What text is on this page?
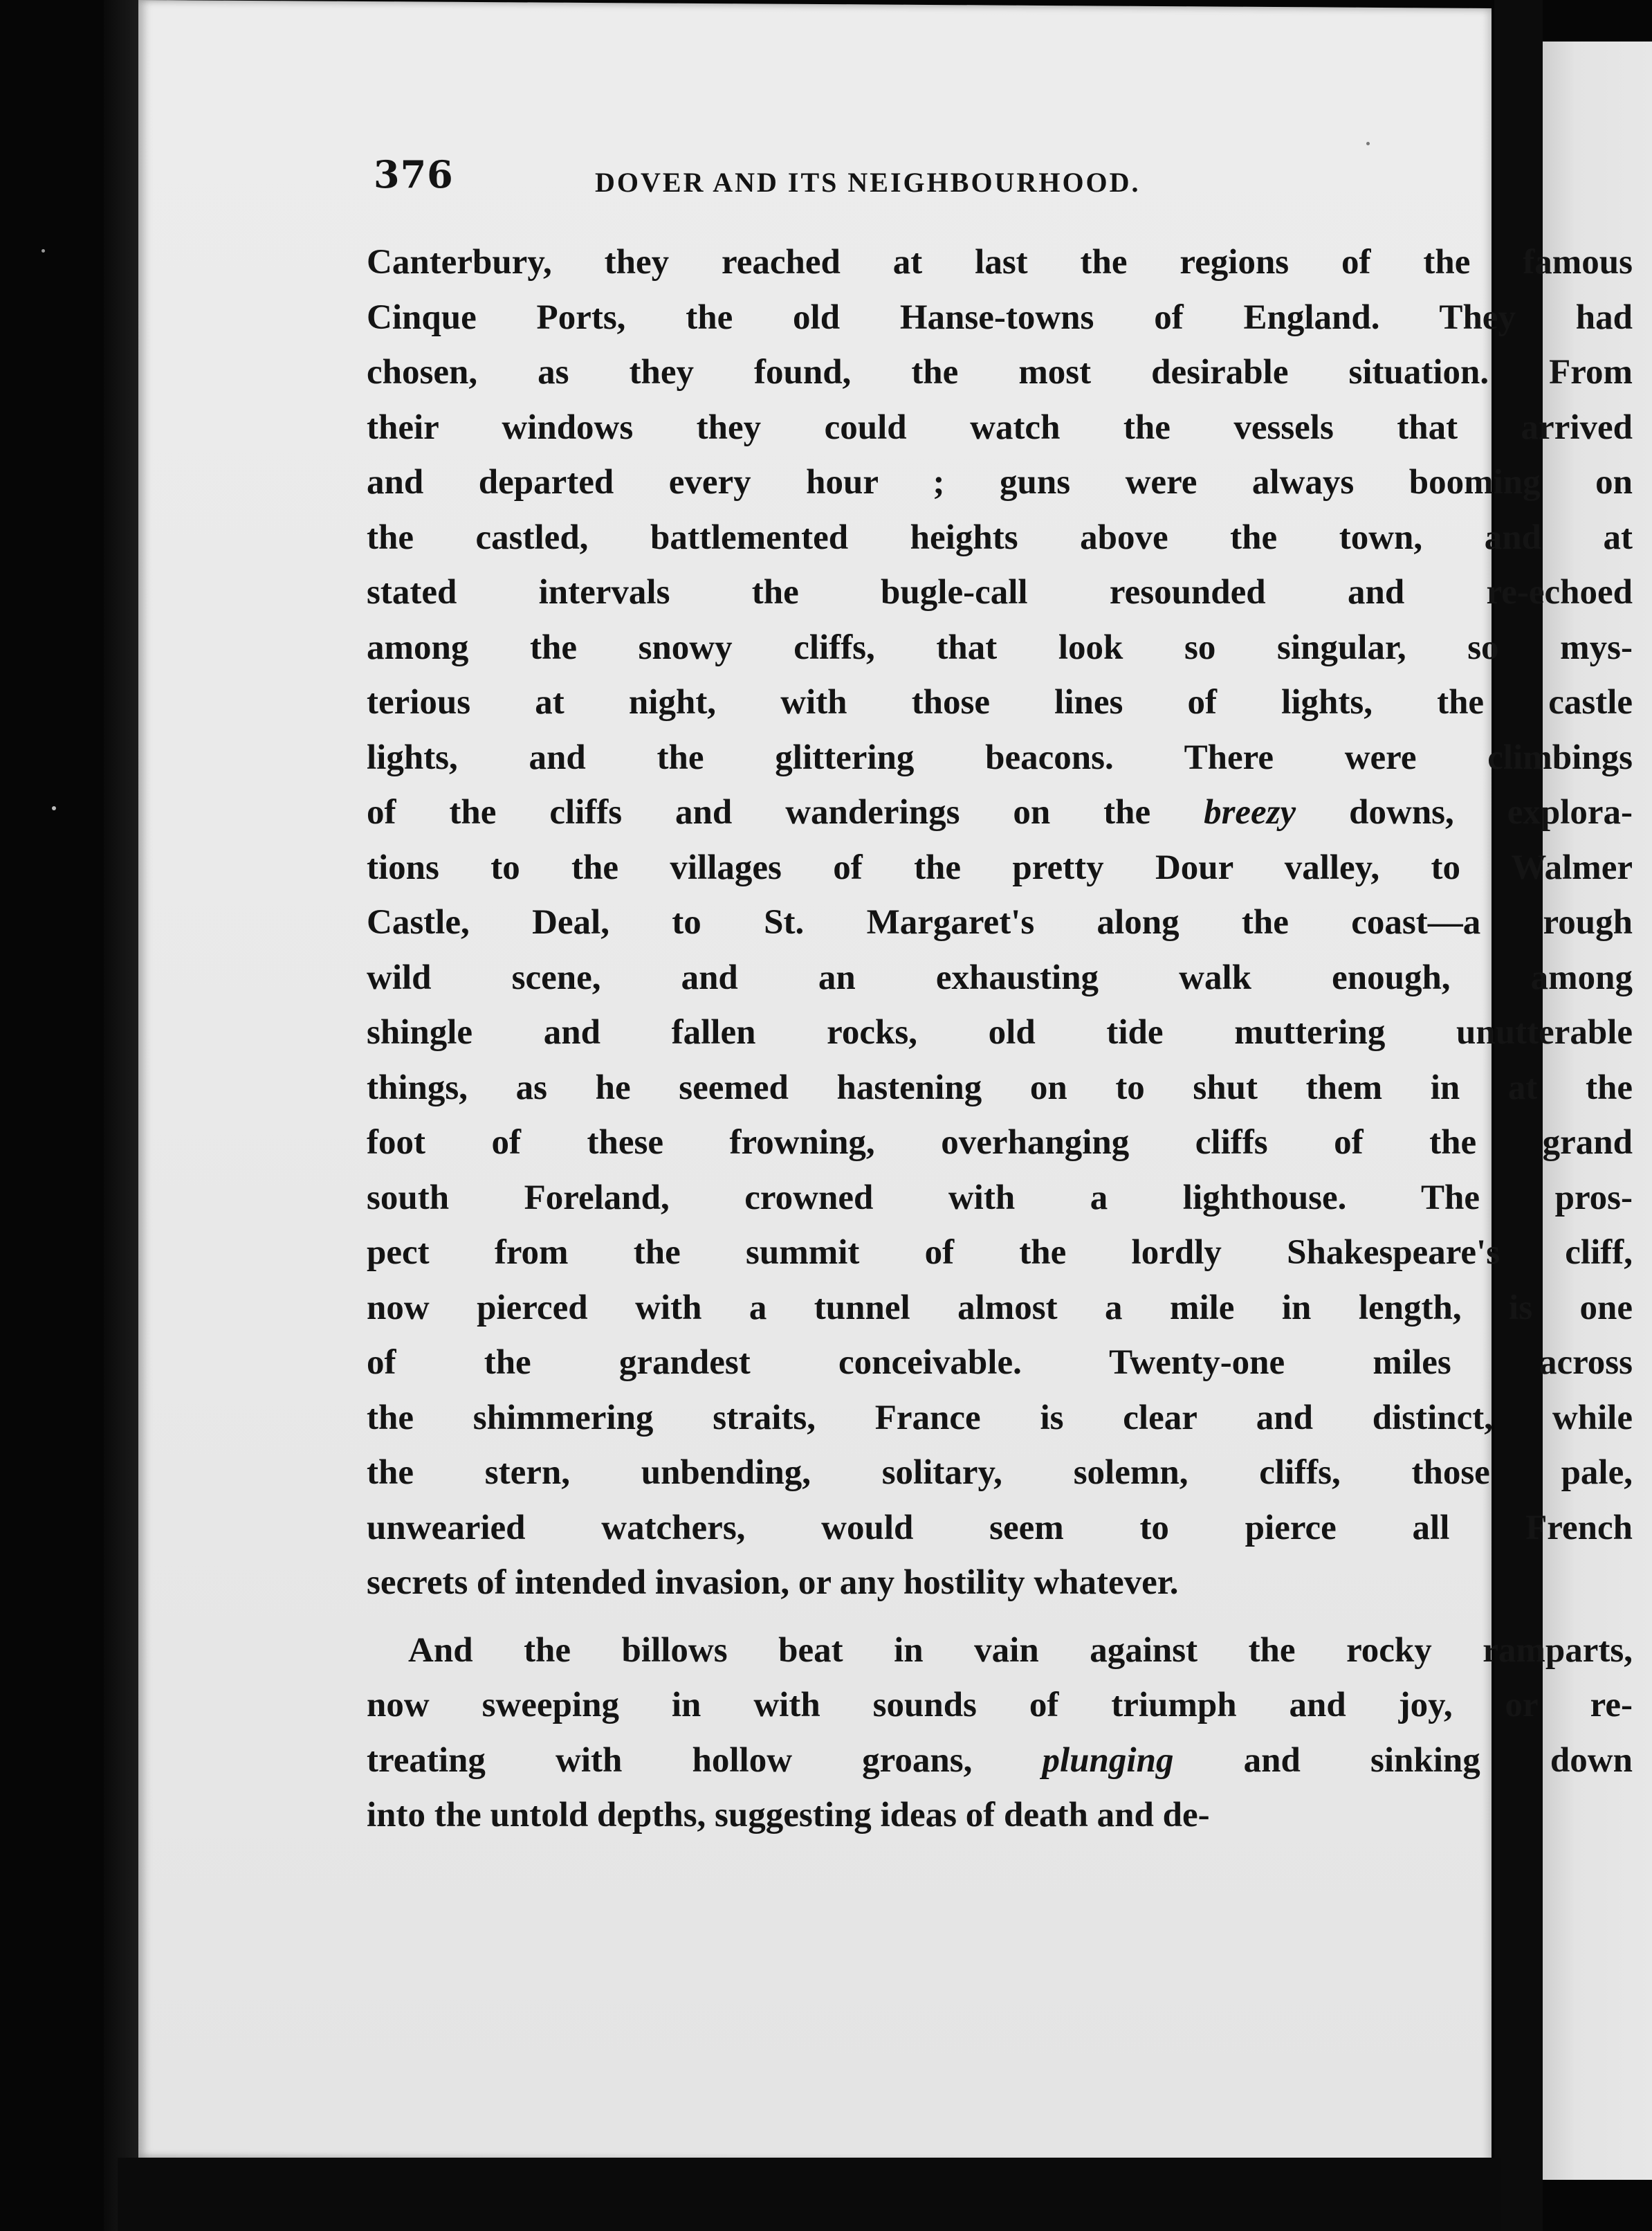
376	DOVER AND ITS NEIGHBOURHOOD.
Canterbury, they reached at last the regions of the famous
Cinque Ports, the old Hanse-towns of England. They had
chosen, as they found, the most desirable situation. From
their windows they could watch the vessels that arrived
and departed every hour ; guns were always booming on
the castled, battlemented heights above the town, and at
stated intervals the bugle-call resounded and re-echoed
among the snowy cliffs, that look so singular, so mys-
terious at night, with those lines of lights, the castle
lights, and the glittering beacons. There were climbings
of the cliffs and wanderings on the breezy downs, explora-
tions to the villages of the pretty Dour valley, to Walmer
Castle, Deal, to St. Margaret's along the coast—a rough
wild scene, and an exhausting walk enough, among
shingle and fallen rocks, old tide muttering unutterable
things, as he seemed hastening on to shut them in at the
foot of these frowning, overhanging cliffs of the grand
south Foreland, crowned with a lighthouse. The pros-
pect from the summit of the lordly Shakespeare's cliff,
now pierced with a tunnel almost a mile in length, is one
of the grandest conceivable. Twenty-one miles across
the shimmering straits, France is clear and distinct, while
the stern, unbending, solitary, solemn, cliffs, those pale,
unwearied watchers, would seem to pierce all French
secrets of intended invasion, or any hostility whatever.
And the billows beat in vain against the rocky ramparts,
now sweeping in with sounds of triumph and joy, or re-
treating with hollow groans, plunging and sinking down
into the untold depths, suggesting ideas of death and de-
